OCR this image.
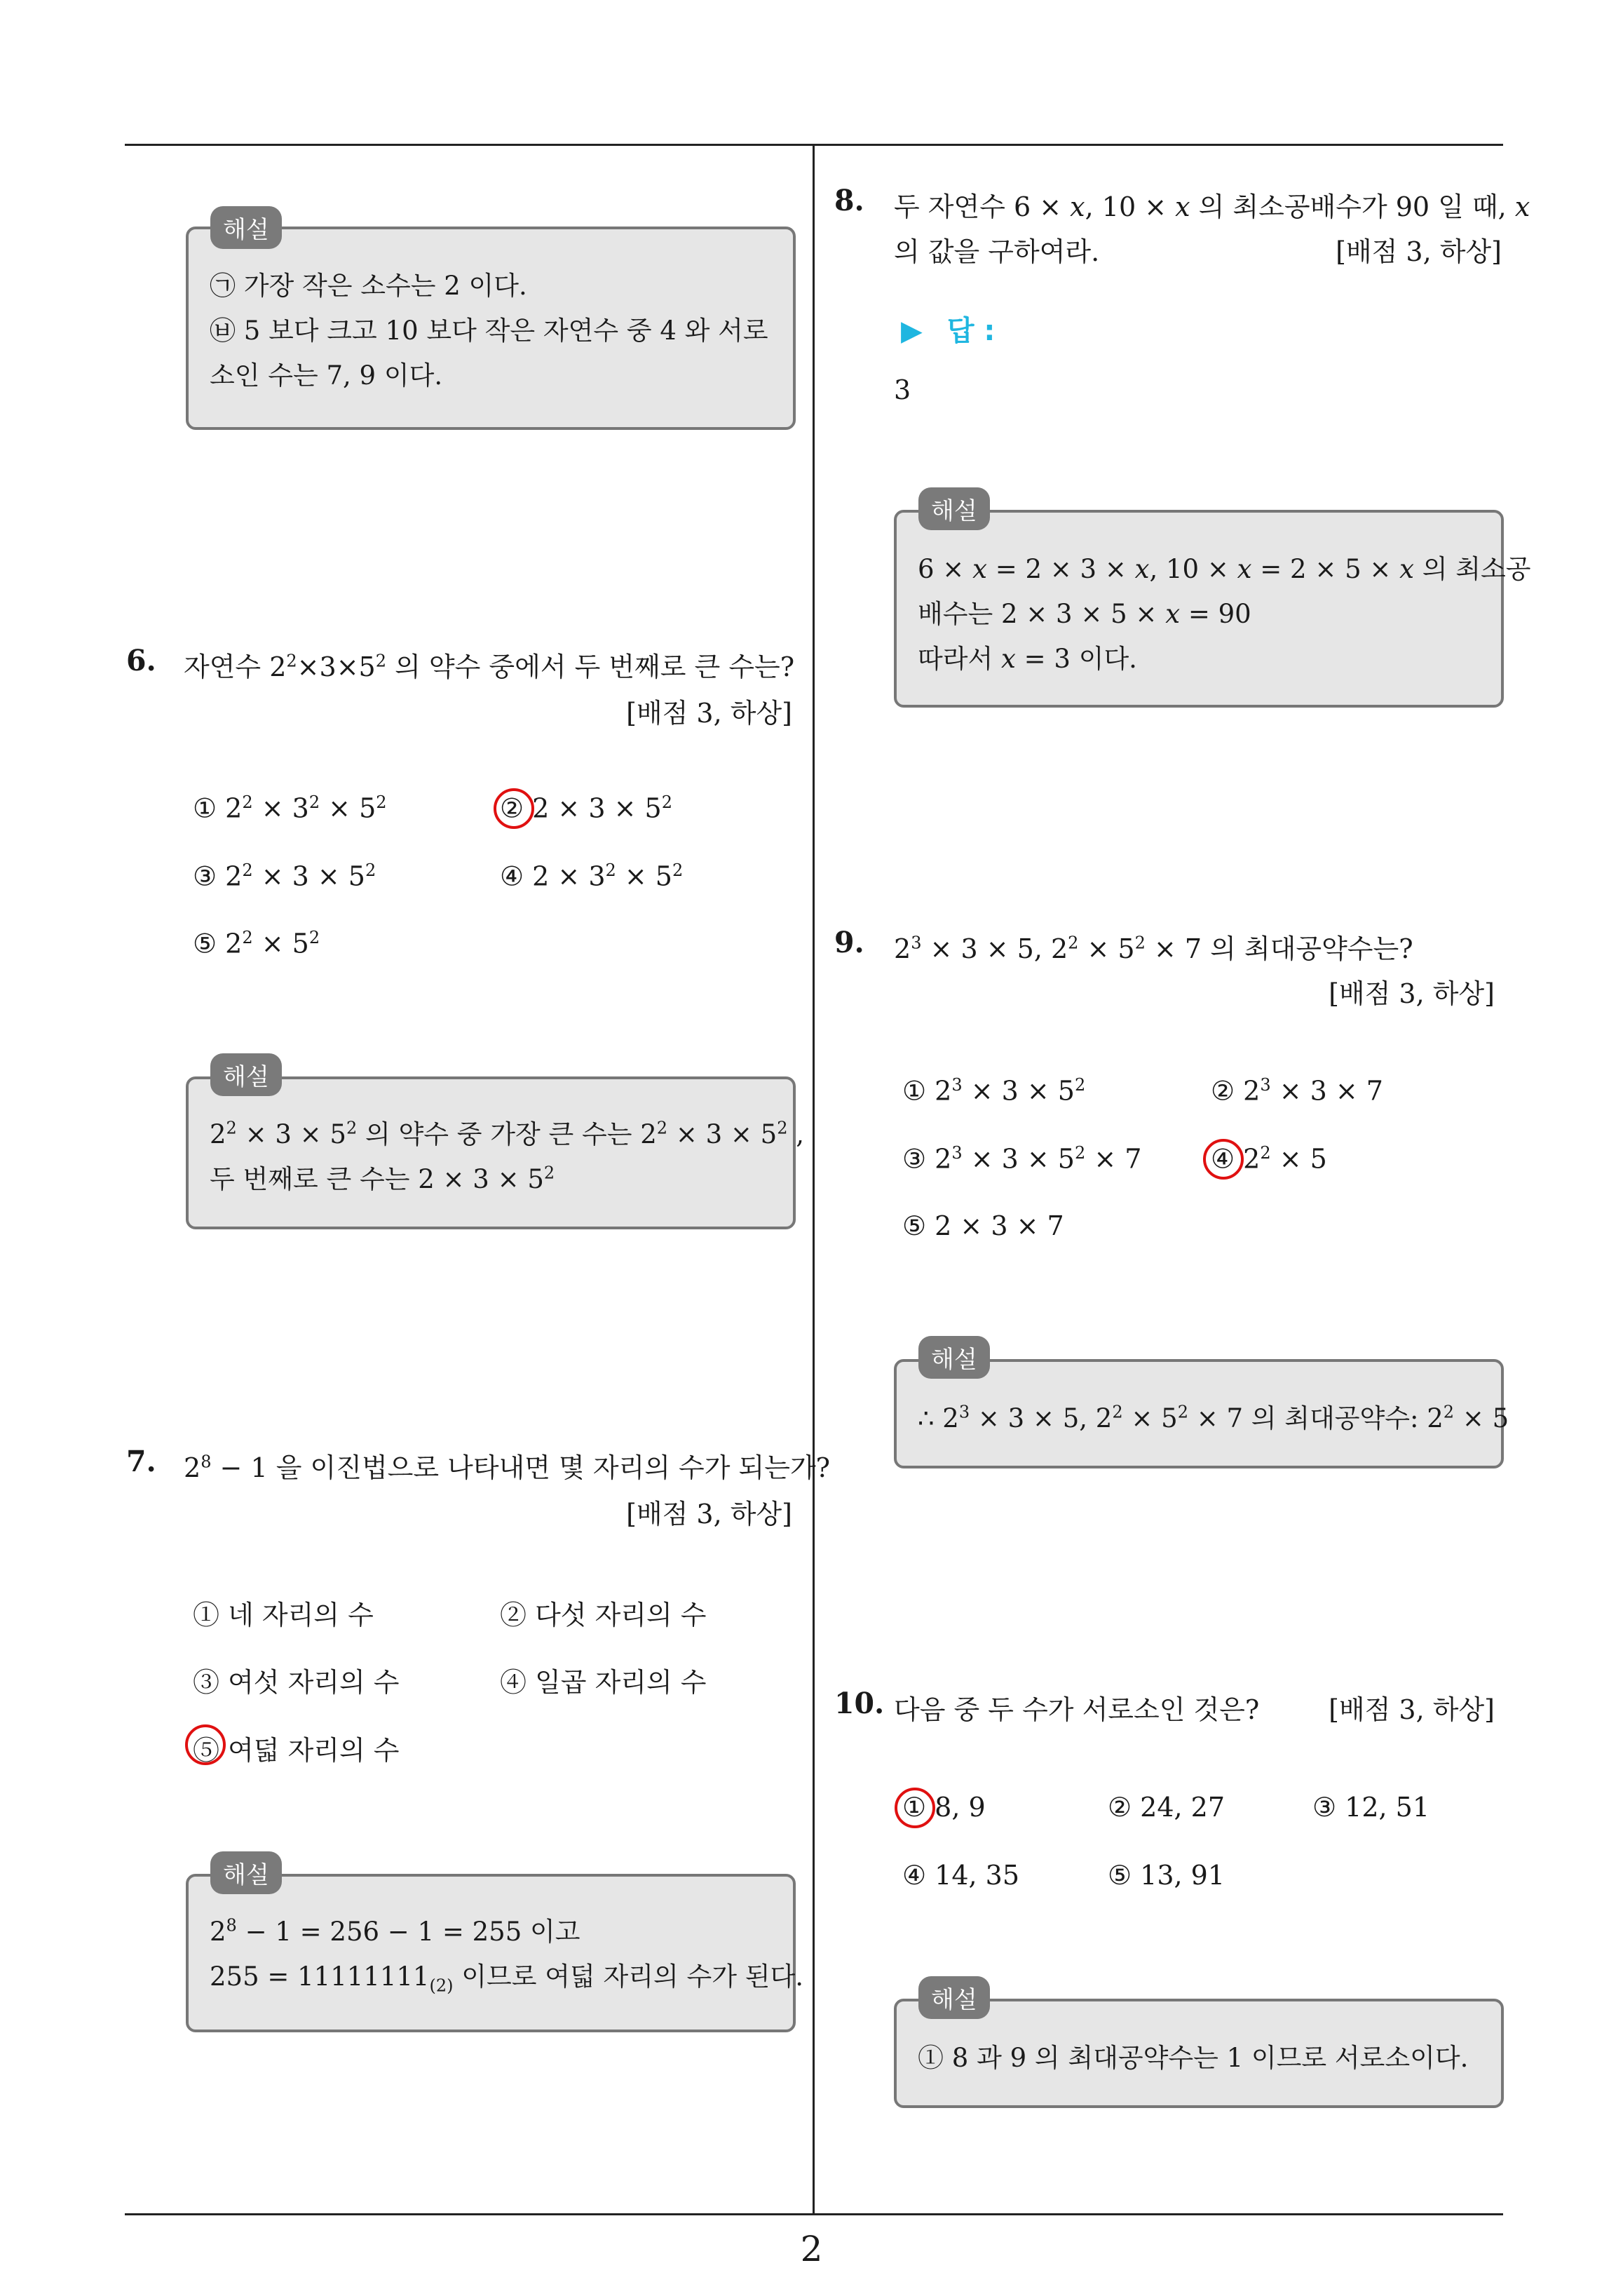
㉠ 가장 작은 소수는 2 이다.
㉥ 5 보다 크고 10 보다 작은 자연수 중 4 와 서로
소인 수는 7, 9 이다.
해설
6. 자연수 $2^2\times 3\times 5^2$ 의 약수 중에서 두 번째로 큰 수는?
[배점 3, 하상]
① $2^2 \times 3^2 \times 5^2$	② $2 \times 3 \times 5^2$
③ $2^2 \times 3 \times 5^2$	④ $2 \times 3^2 \times 5^2$
⑤ $2^2 \times 5^2$
$2^2 \times 3 \times 5^2$ 의 약수 중 가장 큰 수는 $2^2 \times 3 \times 5^2$ ,
두 번째로 큰 수는 $2 \times 3 \times 5^2$
해설
7. $2^8 - 1$ 을 이진법으로 나타내면 몇 자리의 수가 되는가?
[배점 3, 하상]
① 네 자리의 수	② 다섯 자리의 수
③ 여섯 자리의 수	④ 일곱 자리의 수
⑤ 여덟 자리의 수
$2^8 - 1 = 256 - 1 = 255$ 이고
$255 = 11111111_{(2)}$ 이므로 여덟 자리의 수가 된다.
해설
8. 두 자연수 6 × x, 10 × x 의 최소공배수가 90 일 때, x
의 값을 구하여라.	[배점 3, 하상]
▶ 답 :
3
6 × x = 2 × 3 × x, 10 × x = 2 × 5 × x 의 최소공
배수는 2 × 3 × 5 × x = 90
따라서 x = 3 이다.
해설
9. $2^3 \times 3 \times 5$, $2^2 \times 5^2 \times 7$ 의 최대공약수는?
[배점 3, 하상]
① $2^3 \times 3 \times 5^2$	② $2^3 \times 3 \times 7$
③ $2^3 \times 3 \times 5^2 \times 7$	④ $2^2 \times 5$
⑤ 2 × 3 × 7
∴ $2^3 \times 3 \times 5$, $2^2 \times 5^2 \times 7$ 의 최대공약수: $2^2 \times 5$
해설
10. 다음 중 두 수가 서로소인 것은?	[배점 3, 하상]
① 8, 9	② 24, 27	③ 12, 51
④ 14, 35	⑤ 13, 91
① 8 과 9 의 최대공약수는 1 이므로 서로소이다.
해설
2
